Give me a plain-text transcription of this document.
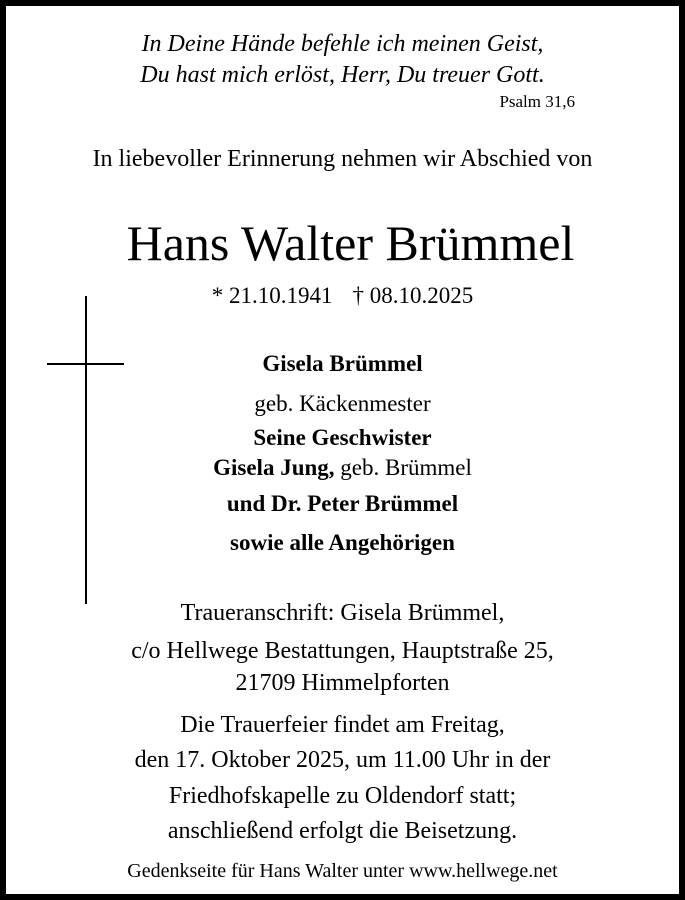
In Deine Hände befehle ich meinen Geist,
Du hast mich erlöst, Herr, Du treuer Gott.
Psalm 31,6
In liebevoller Erinnerung nehmen wir Abschied von
Hans Walter Brümmel
* 21.10.1941 † 08.10.2025
Gisela Brümmel
geb. Käckenmester
Seine Geschwister
Gisela Jung, geb. Brümmel
und Dr. Peter Brümmel
sowie alle Angehörigen
Traueranschrift: Gisela Brümmel,
c/o Hellwege Bestattungen, Hauptstraße 25,
21709 Himmelpforten
Die Trauerfeier findet am Freitag,
den 17. Oktober 2025, um 11.00 Uhr in der
Friedhofskapelle zu Oldendorf statt;
anschließend erfolgt die Beisetzung.
Gedenkseite für Hans Walter unter www.hellwege.net
